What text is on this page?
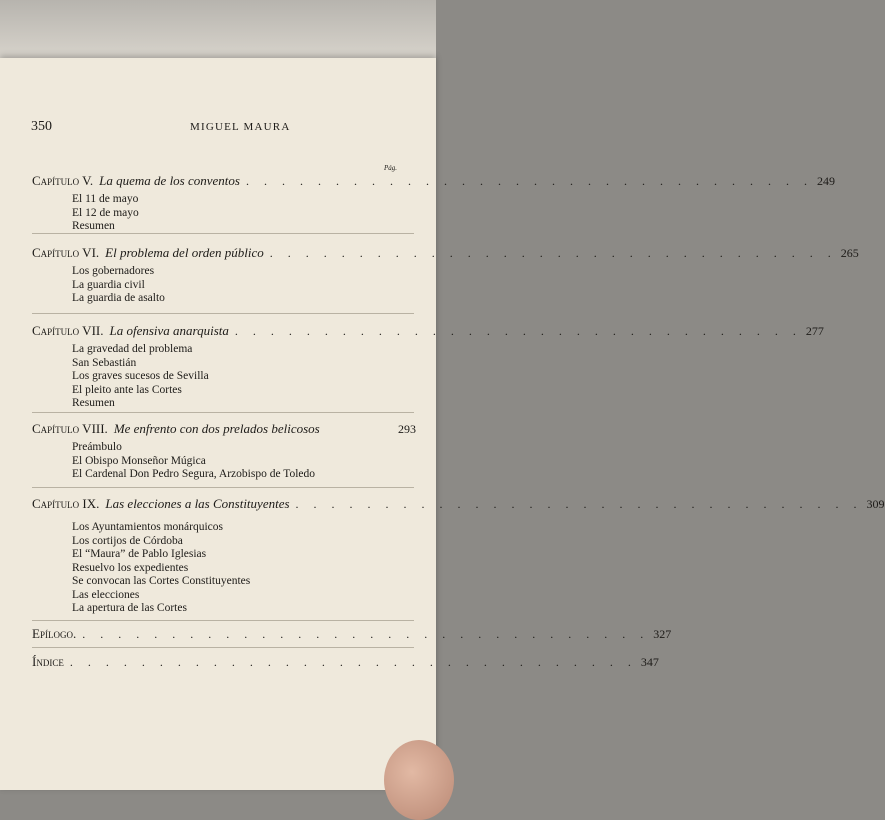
350	MIGUEL MAURA
Pág.
Capítulo V. La quema de los conventos . . . . . . . . . . . . . . . . . . . . . . . . . . . . . . . . 249
El 11 de mayo
El 12 de mayo
Resumen
Capítulo VI. El problema del orden público . . . . . . . . . . . . . . . . . . . . . . . . . . . . . . . . 265
Los gobernadores
La guardia civil
La guardia de asalto
Capítulo VII. La ofensiva anarquista . . . . . . . . . . . . . . . . . . . . . . . . . . . . . . . . 277
La gravedad del problema
San Sebastián
Los graves sucesos de Sevilla
El pleito ante las Cortes
Resumen
Capítulo VIII. Me enfrento con dos prelados belicosos	293
Preámbulo
El Obispo Monseñor Múgica
El Cardenal Don Pedro Segura, Arzobispo de Toledo
Capítulo IX. Las elecciones a las Constituyentes . . . . . . . . . . . . . . . . . . . . . . . . . . . . . . . . 309
Los Ayuntamientos monárquicos
Los cortijos de Córdoba
El “Maura” de Pablo Iglesias
Resuelvo los expedientes
Se convocan las Cortes Constituyentes
Las elecciones
La apertura de las Cortes
Epílogo. . . . . . . . . . . . . . . . . . . . . . . . . . . . . . . . . 327
Índice . . . . . . . . . . . . . . . . . . . . . . . . . . . . . . . . 347
